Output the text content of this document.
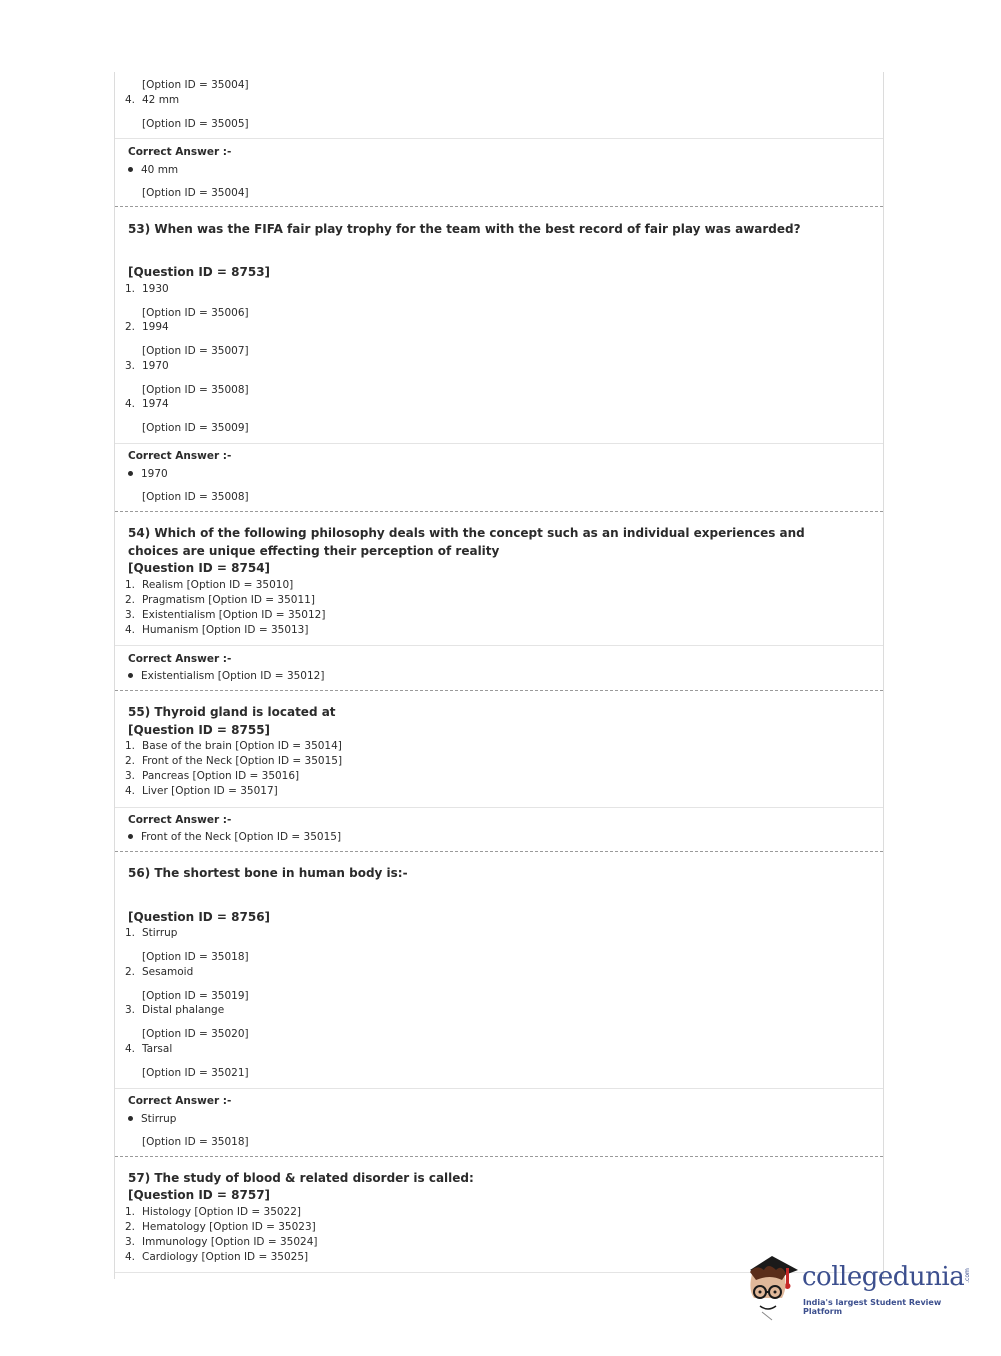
[Option ID = 35004]
4. 42 mm
[Option ID = 35005]
Correct Answer :-
40 mm
[Option ID = 35004]
53) When was the FIFA fair play trophy for the team with the best record of fair play was awarded?
[Question ID = 8753]
1. 1930
[Option ID = 35006]
2. 1994
[Option ID = 35007]
3. 1970
[Option ID = 35008]
4. 1974
[Option ID = 35009]
Correct Answer :-
1970
[Option ID = 35008]
54) Which of the following philosophy deals with the concept such as an individual experiences and choices are unique effecting their perception of reality
[Question ID = 8754]
1. Realism [Option ID = 35010]
2. Pragmatism [Option ID = 35011]
3. Existentialism [Option ID = 35012]
4. Humanism [Option ID = 35013]
Correct Answer :-
Existentialism [Option ID = 35012]
55) Thyroid gland is located at
[Question ID = 8755]
1. Base of the brain [Option ID = 35014]
2. Front of the Neck [Option ID = 35015]
3. Pancreas [Option ID = 35016]
4. Liver [Option ID = 35017]
Correct Answer :-
Front of the Neck [Option ID = 35015]
56) The shortest bone in human body is:-
[Question ID = 8756]
1. Stirrup
[Option ID = 35018]
2. Sesamoid
[Option ID = 35019]
3. Distal phalange
[Option ID = 35020]
4. Tarsal
[Option ID = 35021]
Correct Answer :-
Stirrup
[Option ID = 35018]
57) The study of blood & related disorder is called:
[Question ID = 8757]
1. Histology [Option ID = 35022]
2. Hematology [Option ID = 35023]
3. Immunology [Option ID = 35024]
4. Cardiology [Option ID = 35025]
collegedunia .com
India's largest Student Review Platform
